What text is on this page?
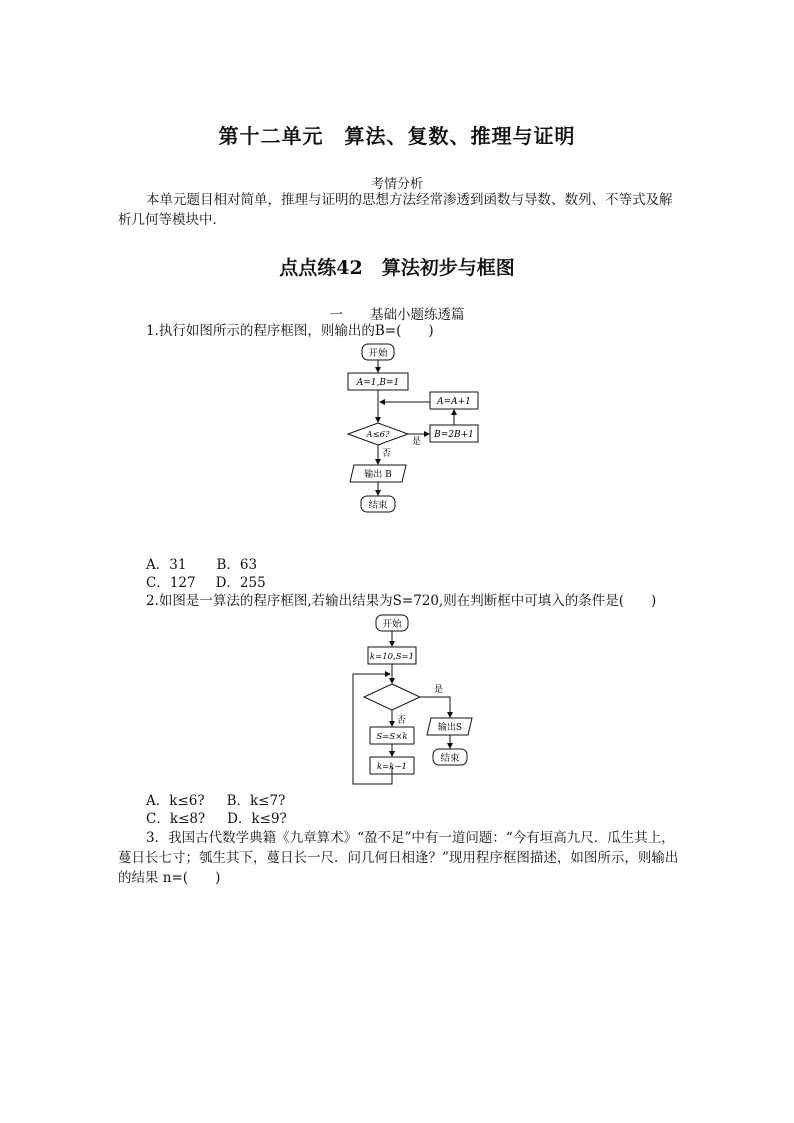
第十二单元　算法、复数、推理与证明
考情分析
本单元题目相对简单，推理与证明的思想方法经常渗透到函数与导数、数列、不等式及解析几何等模块中．
点点练42　算法初步与框图
一　　基础小题练透篇
1.执行如图所示的程序框图，则输出的B=(　　)
开始
A=1,B=1
A=A+1
A≤6?
是
B=2B+1
否
输出 B
结束
A．31 B．63
C．127 D．255
2.如图是一算法的程序框图,若输出结果为S=720,则在判断框中可填入的条件是(　　)
开始
k=10,S=1
是
否
S=S×k
k=k−1
输出S
结束
A．k≤6? B．k≤7?
C．k≤8? D．k≤9?
3．我国古代数学典籍《九章算术》“盈不足”中有一道问题：“今有垣高九尺．瓜生其上，蔓日长七寸；瓠生其下，蔓日长一尺．问几何日相逢？”现用程序框图描述，如图所示，则输出的结果 n=(　　)
